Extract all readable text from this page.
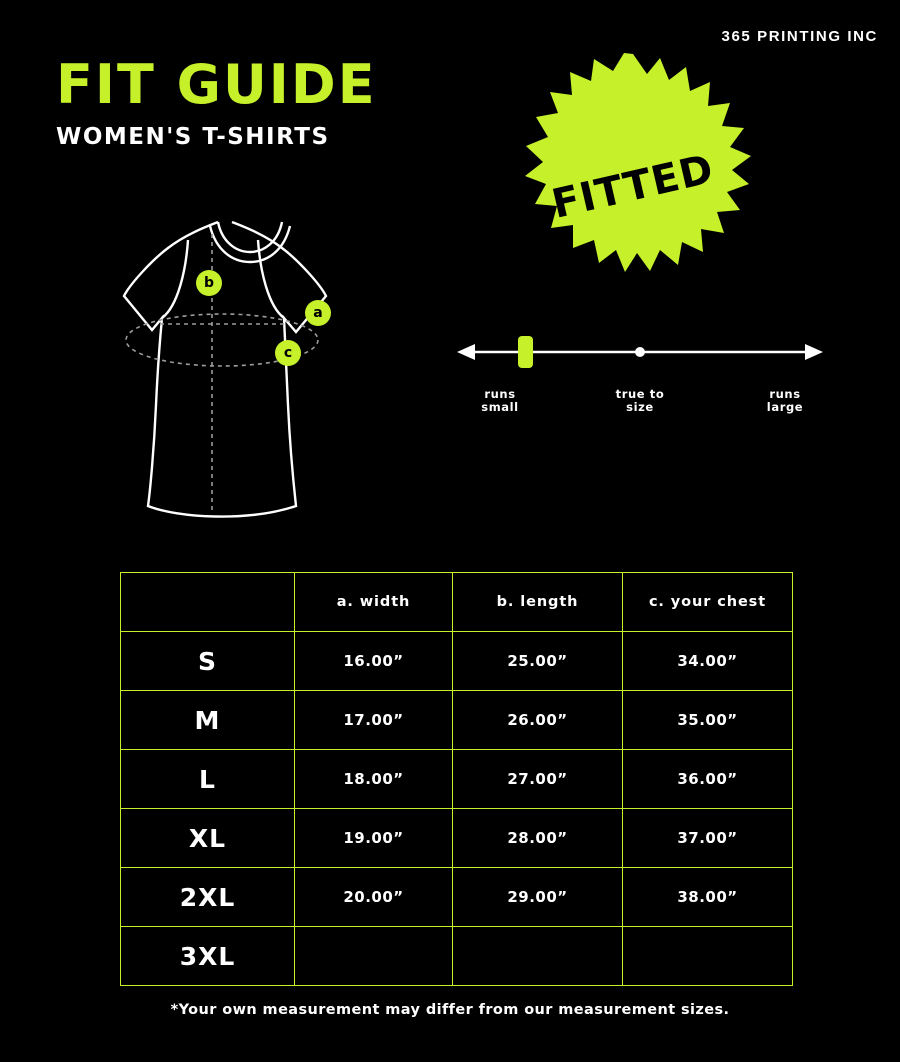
365 PRINTING INC
FIT GUIDE
WOMEN'S T-SHIRTS
FITTED
a
b
c
runs
small
true to
size
runs
large
	a. width	b. length	c. your chest
S	16.00”	25.00”	34.00”
M	17.00”	26.00”	35.00”
L	18.00”	27.00”	36.00”
XL	19.00”	28.00”	37.00”
2XL	20.00”	29.00”	38.00”
3XL			
*Your own measurement may differ from our measurement sizes.
